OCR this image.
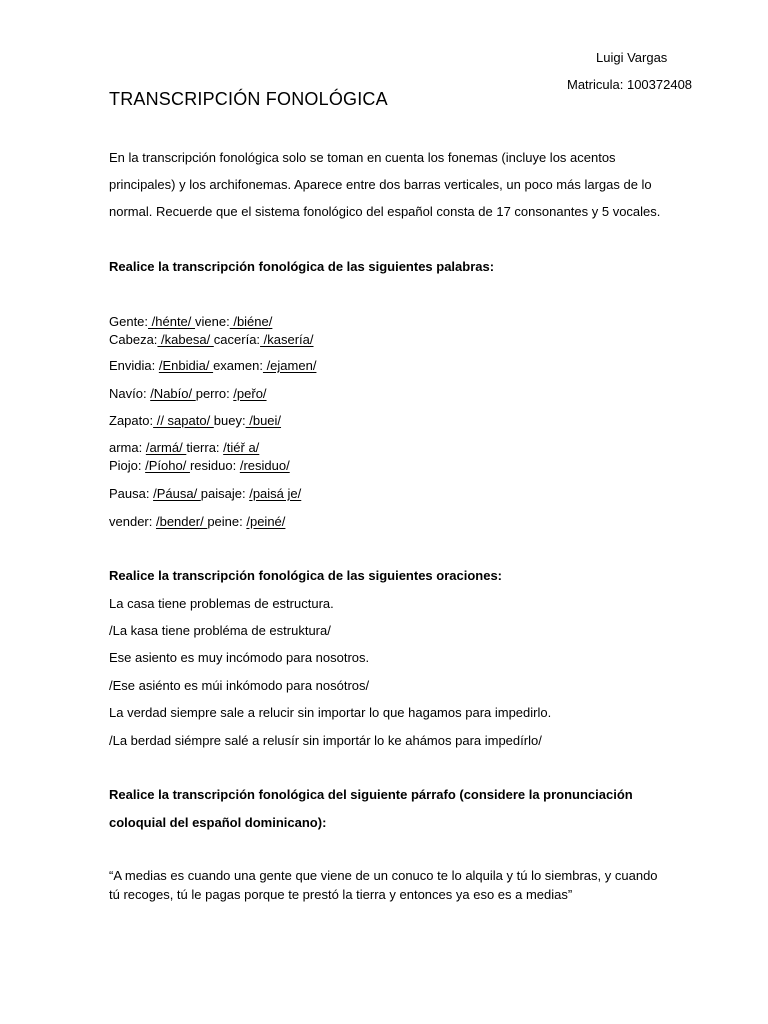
Luigi Vargas
Matricula: 100372408
TRANSCRIPCIÓN FONOLÓGICA
En la transcripción fonológica solo se toman en cuenta los fonemas (incluye los acentos
principales) y los archifonemas. Aparece entre dos barras verticales, un poco más largas de lo
normal. Recuerde que el sistema fonológico del español consta de 17 consonantes y 5 vocales.
Realice la transcripción fonológica de las siguientes palabras:
Gente: /hénte/ viene: /biéne/
Cabeza: /kabesa/ cacería: /kasería/
Envidia: /Enbidia/ examen: /ejamen/
Navío: /Nabío/ perro: /peřo/
Zapato: // sapato/ buey: /buei/
arma: /armá/ tierra: /tiéř a/
Piojo: /Píoho/ residuo: /residuo/
Pausa: /Páusa/ paisaje: /paisá je/
vender: /bender/ peine: /peiné/
Realice la transcripción fonológica de las siguientes oraciones:
La casa tiene problemas de estructura.
/La kasa tiene probléma de estruktura/
Ese asiento es muy incómodo para nosotros.
/Ese asiénto es múi inkómodo para nosótros/
La verdad siempre sale a relucir sin importar lo que hagamos para impedirlo.
/La berdad siémpre salé a relusír sin importár lo ke ahámos para impedírlo/
Realice la transcripción fonológica del siguiente párrafo (considere la pronunciación
coloquial del español dominicano):
“A medias es cuando una gente que viene de un conuco te lo alquila y tú lo siembras, y cuando
tú recoges, tú le pagas porque te prestó la tierra y entonces ya eso es a medias”
